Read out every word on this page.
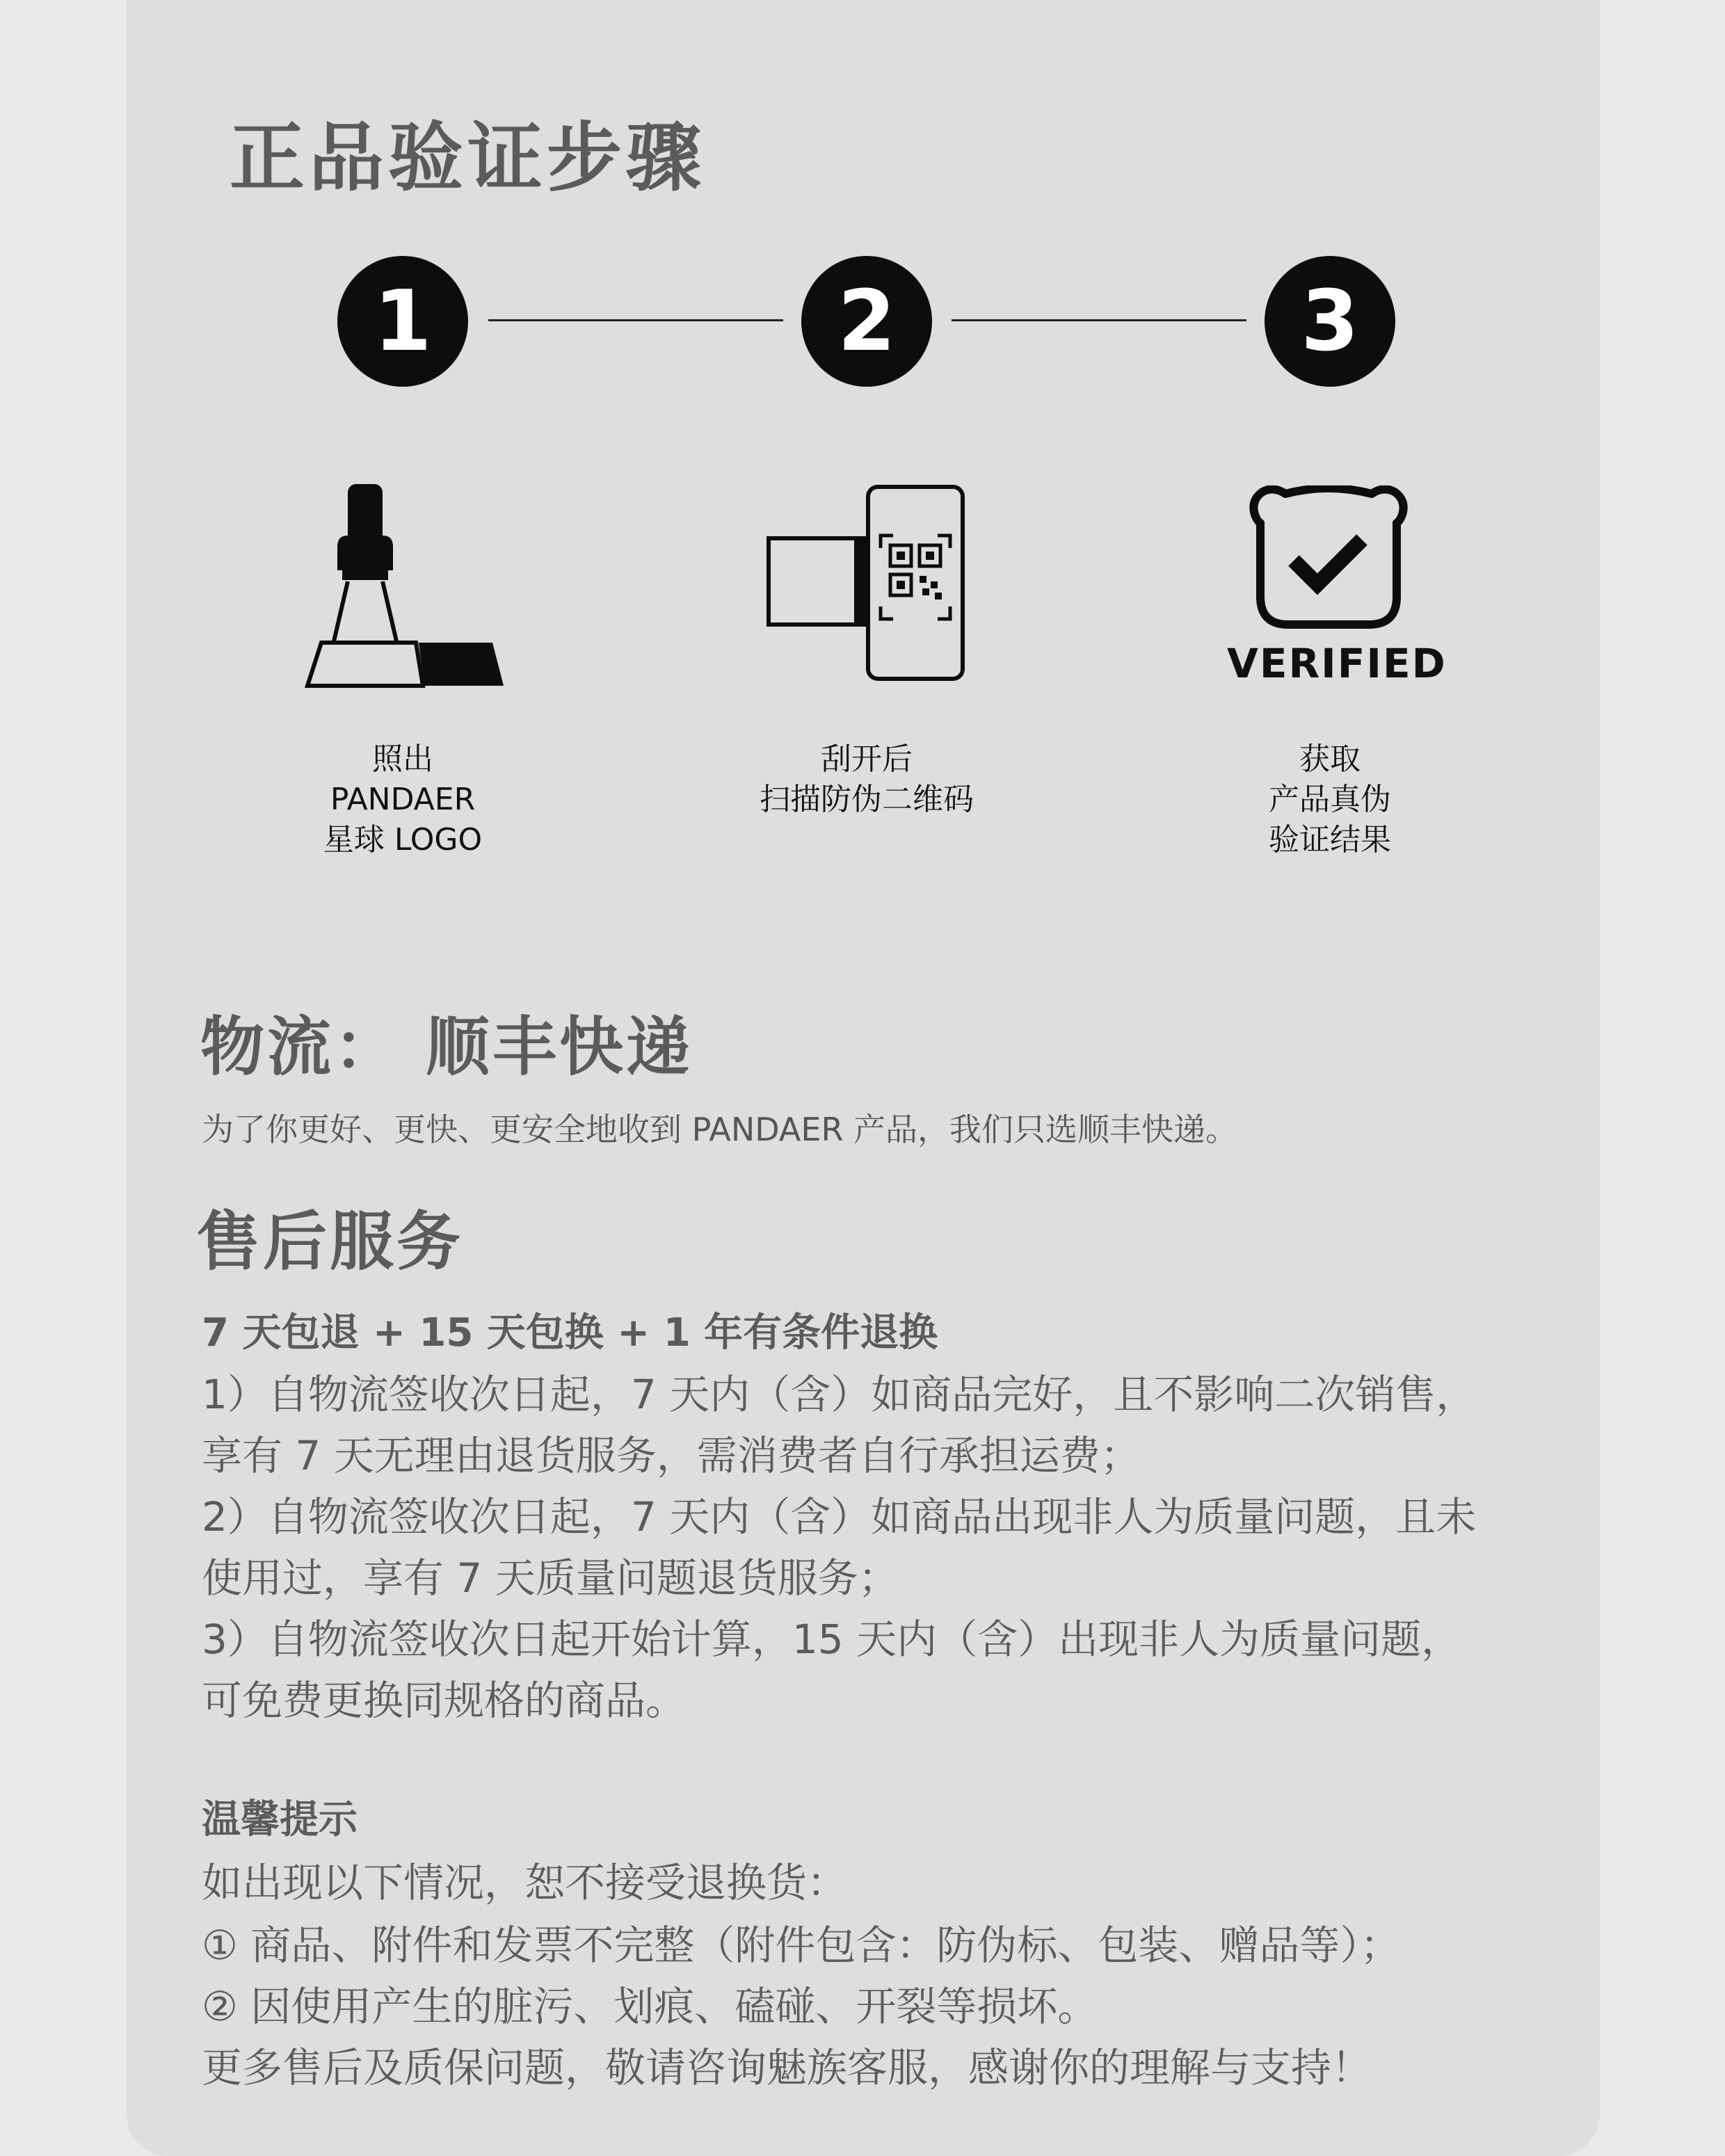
正品验证步骤
1	2	3
VERIFIED
照出
PANDAER
星球 LOGO
刮开后
扫描防伪二维码
获取
产品真伪
验证结果
物流： 顺丰快递
为了你更好、更快、更安全地收到 PANDAER 产品，我们只选顺丰快递。
售后服务
7 天包退 + 15 天包换 + 1 年有条件退换
1）自物流签收次日起，7 天内（含）如商品完好，且不影响二次销售，
享有 7 天无理由退货服务，需消费者自行承担运费；
2）自物流签收次日起，7 天内（含）如商品出现非人为质量问题，且未
使用过，享有 7 天质量问题退货服务；
3）自物流签收次日起开始计算，15 天内（含）出现非人为质量问题，
可免费更换同规格的商品。
温馨提示
如出现以下情况，恕不接受退换货：
① 商品、附件和发票不完整（附件包含：防伪标、包装、赠品等）；
② 因使用产生的脏污、划痕、磕碰、开裂等损坏。
更多售后及质保问题，敬请咨询魅族客服，感谢你的理解与支持！
